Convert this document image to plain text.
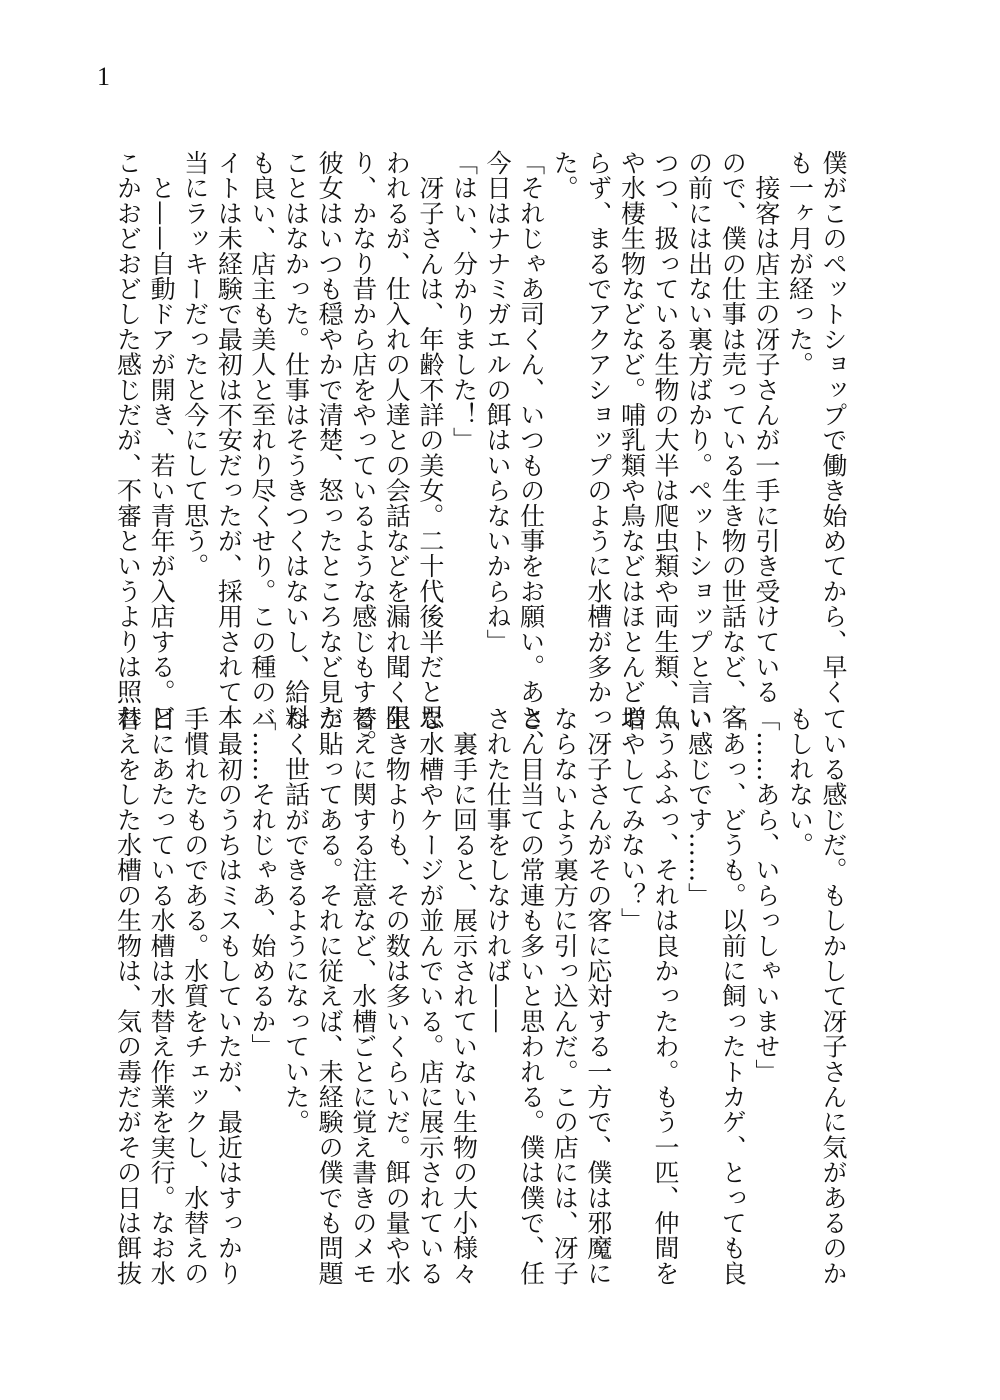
1
僕がこのペットショップで働き始めてから、早く
も一ヶ月が経った。
　接客は店主の冴子さんが一手に引き受けている
ので、僕の仕事は売っている生き物の世話など、客
の前には出ない裏方ばかり。ペットショップと言い
つつ、扱っている生物の大半は爬虫類や両生類、魚
や水棲生物などなど。哺乳類や鳥などはほとんどお
らず、まるでアクアショップのように水槽が多かっ
た。
「それじゃあ司くん、いつもの仕事をお願い。あと、
今日はナナミガエルの餌はいらないからね」
「はい、分かりました！」
　冴子さんは、年齢不詳の美女。二十代後半だと思
われるが、仕入れの人達との会話などを漏れ聞く限
り、かなり昔から店をやっているような感じもする。
彼女はいつも穏やかで清楚、怒ったところなど見た
ことはなかった。仕事はそうきつくはないし、給料
も良い、店主も美人と至れり尽くせり。この種のバ
イトは未経験で最初は不安だったが、採用されて本
当にラッキーだったと今にして思う。
　と——自動ドアが開き、若い青年が入店する。ど
こかおどおどした感じだが、不審というよりは照れ
ている感じだ。もしかして冴子さんに気があるのか
もしれない。
「……あら、いらっしゃいませ」
「あっ、どうも。以前に飼ったトカゲ、とっても良
い感じです……」
「うふふっ、それは良かったわ。もう一匹、仲間を
増やしてみない？」
　冴子さんがその客に応対する一方で、僕は邪魔に
ならないよう裏方に引っ込んだ。この店には、冴子
さん目当ての常連も多いと思われる。僕は僕で、任
された仕事をしなければ——
　裏手に回ると、展示されていない生物の大小様々
な水槽やケージが並んでいる。店に展示されている
生き物よりも、その数は多いくらいだ。餌の量や水
替えに関する注意など、水槽ごとに覚え書きのメモ
が貼ってある。それに従えば、未経験の僕でも問題
なく世話ができるようになっていた。
「……それじゃあ、始めるか」
　最初のうちはミスもしていたが、最近はすっかり
手慣れたものである。水質をチェックし、水替えの
日にあたっている水槽は水替え作業を実行。なお水
替えをした水槽の生物は、気の毒だがその日は餌抜
